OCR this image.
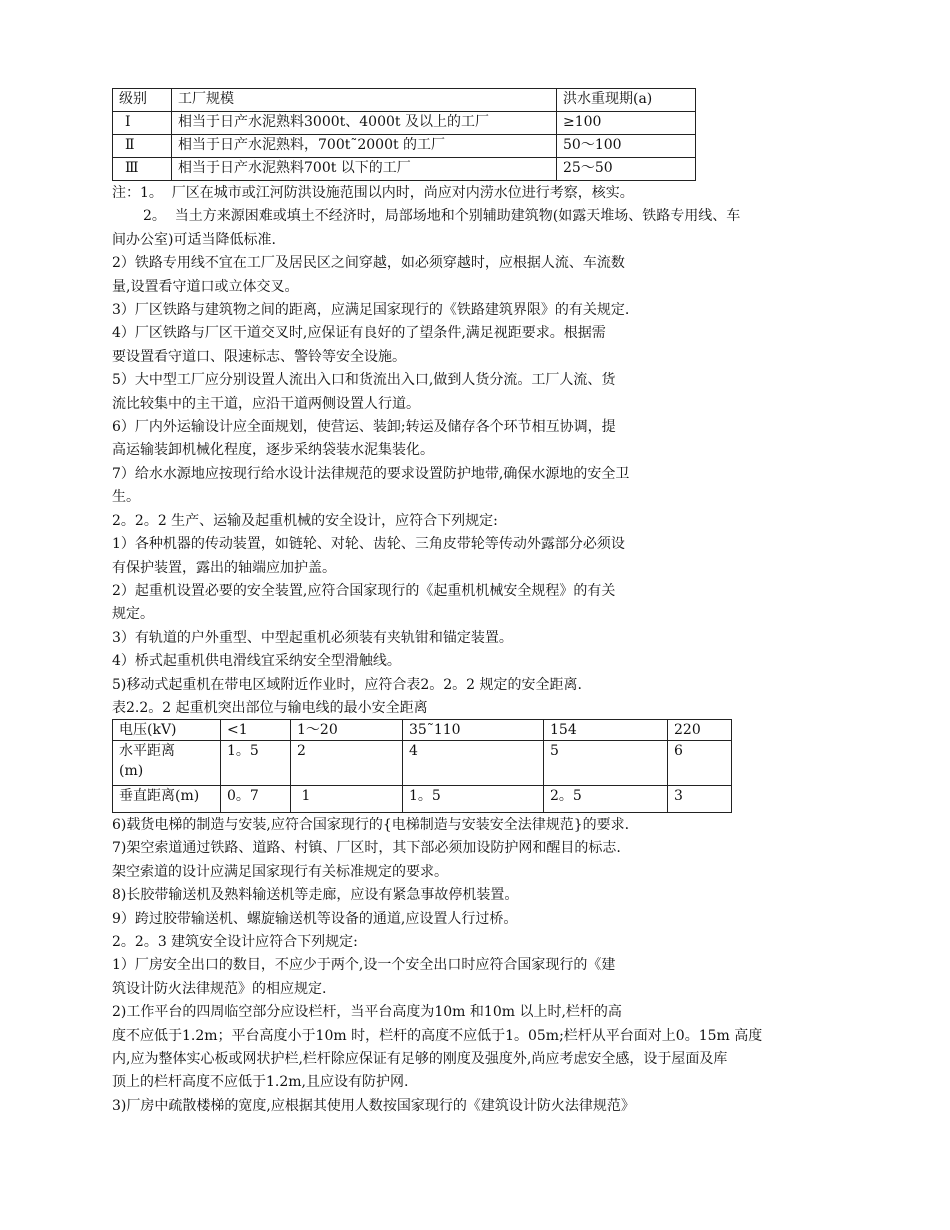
级别	工厂规模	洪水重现期(a)
Ⅰ	相当于日产水泥熟料3000t、4000t 及以上的工厂	≥100
Ⅱ	相当于日产水泥熟料，700t˜2000t 的工厂	50～100
Ⅲ	相当于日产水泥熟料700t 以下的工厂	25～50

注：1。  厂区在城市或江河防洪设施范围以内时，尚应对内涝水位进行考察，核实。

2。  当土方来源困难或填土不经济时，局部场地和个别辅助建筑物(如露天堆场、铁路专用线、车

间办公室)可适当降低标准.

2）铁路专用线不宜在工厂及居民区之间穿越，如必须穿越时，应根据人流、车流数

量,设置看守道口或立体交叉。

3）厂区铁路与建筑物之间的距离，应满足国家现行的《铁路建筑界限》的有关规定.

4）厂区铁路与厂区干道交叉时,应保证有良好的了望条件,满足视距要求。根据需

要设置看守道口、限速标志、警铃等安全设施。

5）大中型工厂应分别设置人流出入口和货流出入口,做到人货分流。工厂人流、货

流比较集中的主干道，应沿干道两侧设置人行道。

6）厂内外运输设计应全面规划，使营运、装卸;转运及储存各个环节相互协调，提

高运输装卸机械化程度，逐步采纳袋装水泥集装化。

7）给水水源地应按现行给水设计法律规范的要求设置防护地带,确保水源地的安全卫

生。

2。2。2 生产、运输及起重机械的安全设计，应符合下列规定:

1）各种机器的传动装置，如链轮、对轮、齿轮、三角皮带轮等传动外露部分必须设

有保护装置，露出的轴端应加护盖。

2）起重机设置必要的安全装置,应符合国家现行的《起重机机械安全规程》的有关

规定。

3）有轨道的户外重型、中型起重机必须装有夹轨钳和锚定装置。

4）桥式起重机供电滑线宜采纳安全型滑触线。

5)移动式起重机在带电区域附近作业时，应符合表2。2。2 规定的安全距离.

表2.2。2 起重机突出部位与输电线的最小安全距离

电压(kV)	<1	1～20	35˜110	154	220

水平距离
(m)	1。5	2	4	5	6
垂直距离(m)	0。7	1	1。5	2。5	3

6)载货电梯的制造与安装,应符合国家现行的{电梯制造与安装安全法律规范}的要求.

7)架空索道通过铁路、道路、村镇、厂区时，其下部必须加设防护网和醒目的标志.

架空索道的设计应满足国家现行有关标准规定的要求。

8)长胶带输送机及熟料输送机等走廊，应设有紧急事故停机装置。

9）跨过胶带输送机、螺旋输送机等设备的通道,应设置人行过桥。

2。2。3 建筑安全设计应符合下列规定:

1）厂房安全出口的数目，不应少于两个,设一个安全出口时应符合国家现行的《建

筑设计防火法律规范》的相应规定.

2)工作平台的四周临空部分应设栏杆，当平台高度为10m 和10m 以上时,栏杆的高

度不应低于1.2m；平台高度小于10m 时，栏杆的高度不应低于1。05m;栏杆从平台面对上0。15m 高度

内,应为整体实心板或网状护栏,栏杆除应保证有足够的刚度及强度外,尚应考虑安全感，设于屋面及库

顶上的栏杆高度不应低于1.2m,且应设有防护网.

3)厂房中疏散楼梯的宽度,应根据其使用人数按国家现行的《建筑设计防火法律规范》
